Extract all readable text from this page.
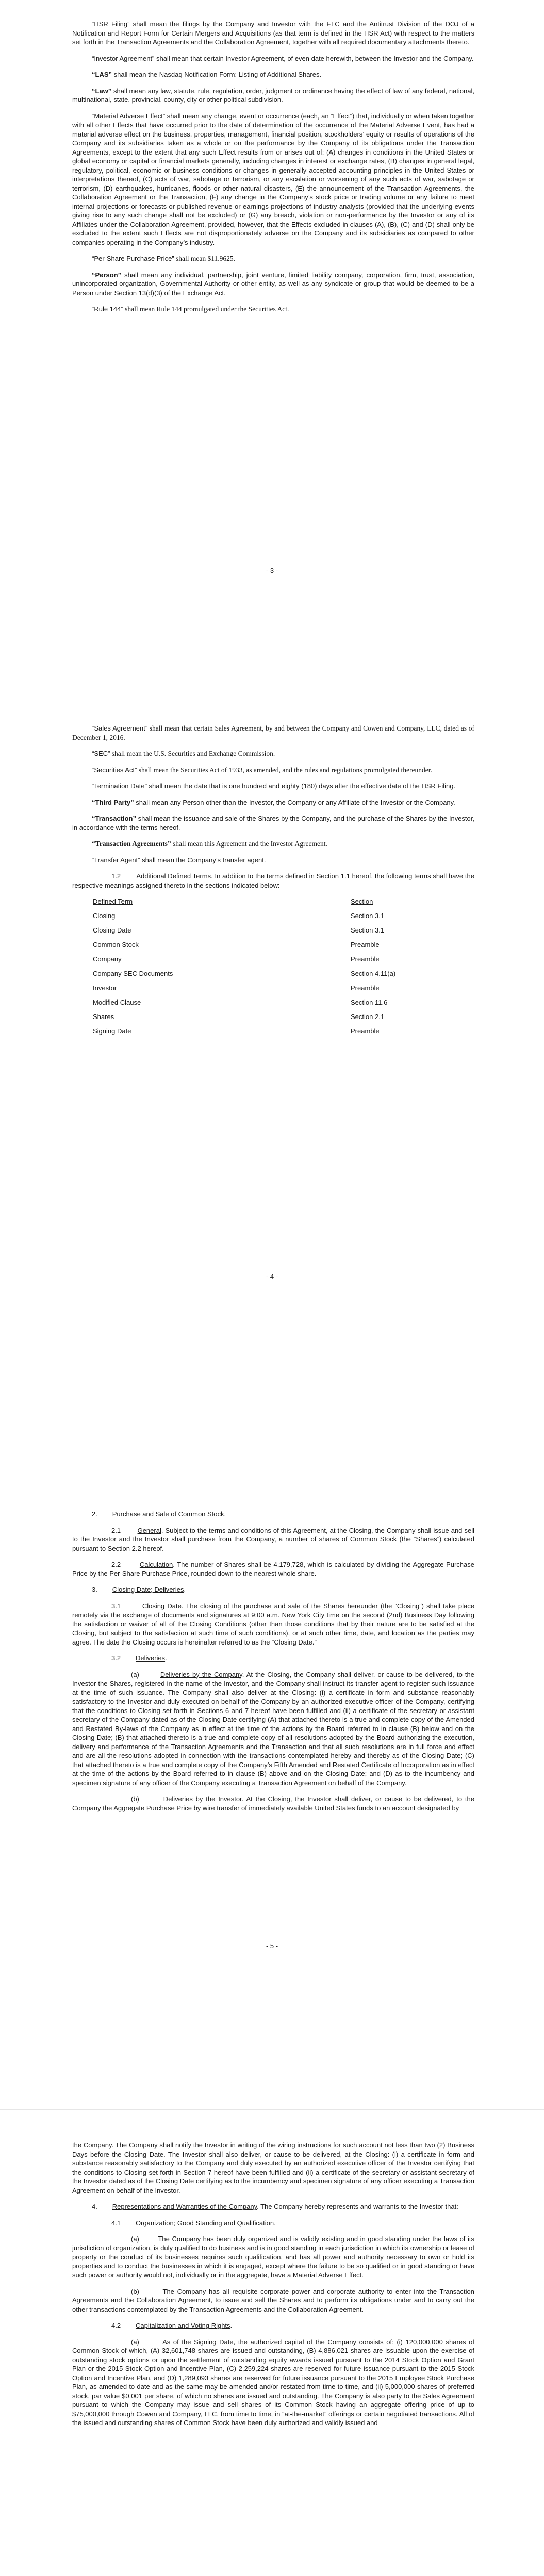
“HSR Filing” shall mean the filings by the Company and Investor with the FTC and the Antitrust Division of the DOJ of a Notification and Report Form for Certain Mergers and Acquisitions (as that term is defined in the HSR Act) with respect to the matters set forth in the Transaction Agreements and the Collaboration Agreement, together with all required documentary attachments thereto.

“Investor Agreement” shall mean that certain Investor Agreement, of even date herewith, between the Investor and the Company.

“LAS” shall mean the Nasdaq Notification Form: Listing of Additional Shares.

“Law” shall mean any law, statute, rule, regulation, order, judgment or ordinance having the effect of law of any federal, national, multinational, state, provincial, county, city or other political subdivision.

“Material Adverse Effect” shall mean any change, event or occurrence (each, an “Effect”) that, individually or when taken together with all other Effects that have occurred prior to the date of determination of the occurrence of the Material Adverse Event, has had a material adverse effect on the business, properties, management, financial position, stockholders’ equity or results of operations of the Company and its subsidiaries taken as a whole or on the performance by the Company of its obligations under the Transaction Agreements, except to the extent that any such Effect results from or arises out of: (A) changes in conditions in the United States or global economy or capital or financial markets generally, including changes in interest or exchange rates, (B) changes in general legal, regulatory, political, economic or business conditions or changes in generally accepted accounting principles in the United States or interpretations thereof, (C) acts of war, sabotage or terrorism, or any escalation or worsening of any such acts of war, sabotage or terrorism, (D) earthquakes, hurricanes, floods or other natural disasters, (E) the announcement of the Transaction Agreements, the Collaboration Agreement or the Transaction, (F) any change in the Company’s stock price or trading volume or any failure to meet internal projections or forecasts or published revenue or earnings projections of industry analysts (provided that the underlying events giving rise to any such change shall not be excluded) or (G) any breach, violation or non-performance by the Investor or any of its Affiliates under the Collaboration Agreement, provided, however, that the Effects excluded in clauses (A), (B), (C) and (D) shall only be excluded to the extent such Effects are not disproportionately adverse on the Company and its subsidiaries as compared to other companies operating in the Company’s industry.

“Per-Share Purchase Price” shall mean $11.9625.

“Person” shall mean any individual, partnership, joint venture, limited liability company, corporation, firm, trust, association, unincorporated organization, Governmental Authority or other entity, as well as any syndicate or group that would be deemed to be a Person under Section 13(d)(3) of the Exchange Act.

“Rule 144” shall mean Rule 144 promulgated under the Securities Act.

- 3 -

“Sales Agreement” shall mean that certain Sales Agreement, by and between the Company and Cowen and Company, LLC, dated as of December 1, 2016.

“SEC” shall mean the U.S. Securities and Exchange Commission.

“Securities Act” shall mean the Securities Act of 1933, as amended, and the rules and regulations promulgated thereunder.

“Termination Date” shall mean the date that is one hundred and eighty (180) days after the effective date of the HSR Filing.

“Third Party” shall mean any Person other than the Investor, the Company or any Affiliate of the Investor or the Company.

“Transaction” shall mean the issuance and sale of the Shares by the Company, and the purchase of the Shares by the Investor, in accordance with the terms hereof.

“Transaction Agreements” shall mean this Agreement and the Investor Agreement.

“Transfer Agent” shall mean the Company’s transfer agent.

1.2 Additional Defined Terms. In addition to the terms defined in Section 1.1 hereof, the following terms shall have the respective meanings assigned thereto in the sections indicated below:

Defined Term	Section
Closing	Section 3.1
Closing Date	Section 3.1
Common Stock	Preamble
Company	Preamble
Company SEC Documents	Section 4.11(a)
Investor	Preamble
Modified Clause	Section 11.6
Shares	Section 2.1
Signing Date	Preamble
- 4 -

2. Purchase and Sale of Common Stock.

2.1	General. Subject to the terms and conditions of this Agreement, at the Closing, the Company shall issue and sell to the Investor and the Investor shall purchase from the Company, a number of shares of Common Stock (the “Shares”) calculated pursuant to Section 2.2 hereof.

2.2	Calculation. The number of Shares shall be 4,179,728, which is calculated by dividing the Aggregate Purchase Price by the Per-Share Purchase Price, rounded down to the nearest whole share.

3. Closing Date; Deliveries.

3.1	Closing Date. The closing of the purchase and sale of the Shares hereunder (the “Closing”) shall take place remotely via the exchange of documents and signatures at 9:00 a.m. New York City time on the second (2nd) Business Day following the satisfaction or waiver of all of the Closing Conditions (other than those conditions that by their nature are to be satisfied at the Closing, but subject to the satisfaction at such time of such conditions), or at such other time, date, and location as the parties may agree. The date the Closing occurs is hereinafter referred to as the “Closing Date.”

3.2 Deliveries.

(a)	Deliveries by the Company. At the Closing, the Company shall deliver, or cause to be delivered, to the Investor the Shares, registered in the name of the Investor, and the Company shall instruct its transfer agent to register such issuance at the time of such issuance. The Company shall also deliver at the Closing: (i) a certificate in form and substance reasonably satisfactory to the Investor and duly executed on behalf of the Company by an authorized executive officer of the Company, certifying that the conditions to Closing set forth in Sections 6 and 7 hereof have been fulfilled and (ii) a certificate of the secretary or assistant secretary of the Company dated as of the Closing Date certifying (A) that attached thereto is a true and complete copy of the Amended and Restated By-laws of the Company as in effect at the time of the actions by the Board referred to in clause (B) below and on the Closing Date; (B) that attached thereto is a true and complete copy of all resolutions adopted by the Board authorizing the execution, delivery and performance of the Transaction Agreements and the Transaction and that all such resolutions are in full force and effect and are all the resolutions adopted in connection with the transactions contemplated hereby and thereby as of the Closing Date; (C) that attached thereto is a true and complete copy of the Company’s Fifth Amended and Restated Certificate of Incorporation as in effect at the time of the actions by the Board referred to in clause (B) above and on the Closing Date; and (D) as to the incumbency and specimen signature of any officer of the Company executing a Transaction Agreement on behalf of the Company.

(b)	Deliveries by the Investor. At the Closing, the Investor shall deliver, or cause to be delivered, to the Company the Aggregate Purchase Price by wire transfer of immediately available United States funds to an account designated by

- 5 -

the Company. The Company shall notify the Investor in writing of the wiring instructions for such account not less than two (2) Business Days before the Closing Date. The Investor shall also deliver, or cause to be delivered, at the Closing: (i) a certificate in form and substance reasonably satisfactory to the Company and duly executed by an authorized executive officer of the Investor certifying that the conditions to Closing set forth in Section 7 hereof have been fulfilled and (ii) a certificate of the secretary or assistant secretary of the Investor dated as of the Closing Date certifying as to the incumbency and specimen signature of any officer executing a Transaction Agreement on behalf of the Investor.

4. Representations and Warranties of the Company. The Company hereby represents and warrants to the Investor that:

4.1 Organization; Good Standing and Qualification.

(a)	The Company has been duly organized and is validly existing and in good standing under the laws of its jurisdiction of organization, is duly qualified to do business and is in good standing in each jurisdiction in which its ownership or lease of property or the conduct of its businesses requires such qualification, and has all power and authority necessary to own or hold its properties and to conduct the businesses in which it is engaged, except where the failure to be so qualified or in good standing or have such power or authority would not, individually or in the aggregate, have a Material Adverse Effect.

(b)	The Company has all requisite corporate power and corporate authority to enter into the Transaction Agreements and the Collaboration Agreement, to issue and sell the Shares and to perform its obligations under and to carry out the other transactions contemplated by the Transaction Agreements and the Collaboration Agreement.

4.2 Capitalization and Voting Rights.

(a)	As of the Signing Date, the authorized capital of the Company consists of: (i) 120,000,000 shares of Common Stock of which, (A) 32,601,748 shares are issued and outstanding, (B) 4,886,021 shares are issuable upon the exercise of outstanding stock options or upon the settlement of outstanding equity awards issued pursuant to the 2014 Stock Option and Grant Plan or the 2015 Stock Option and Incentive Plan, (C) 2,259,224 shares are reserved for future issuance pursuant to the 2015 Stock Option and Incentive Plan, and (D) 1,289,093 shares are reserved for future issuance pursuant to the 2015 Employee Stock Purchase Plan, as amended to date and as the same may be amended and/or restated from time to time, and (ii) 5,000,000 shares of preferred stock, par value $0.001 per share, of which no shares are issued and outstanding. The Company is also party to the Sales Agreement pursuant to which the Company may issue and sell shares of its Common Stock having an aggregate offering price of up to $75,000,000 through Cowen and Company, LLC, from time to time, in “at-the-market” offerings or certain negotiated transactions. All of the issued and outstanding shares of Common Stock have been duly authorized and validly issued and
